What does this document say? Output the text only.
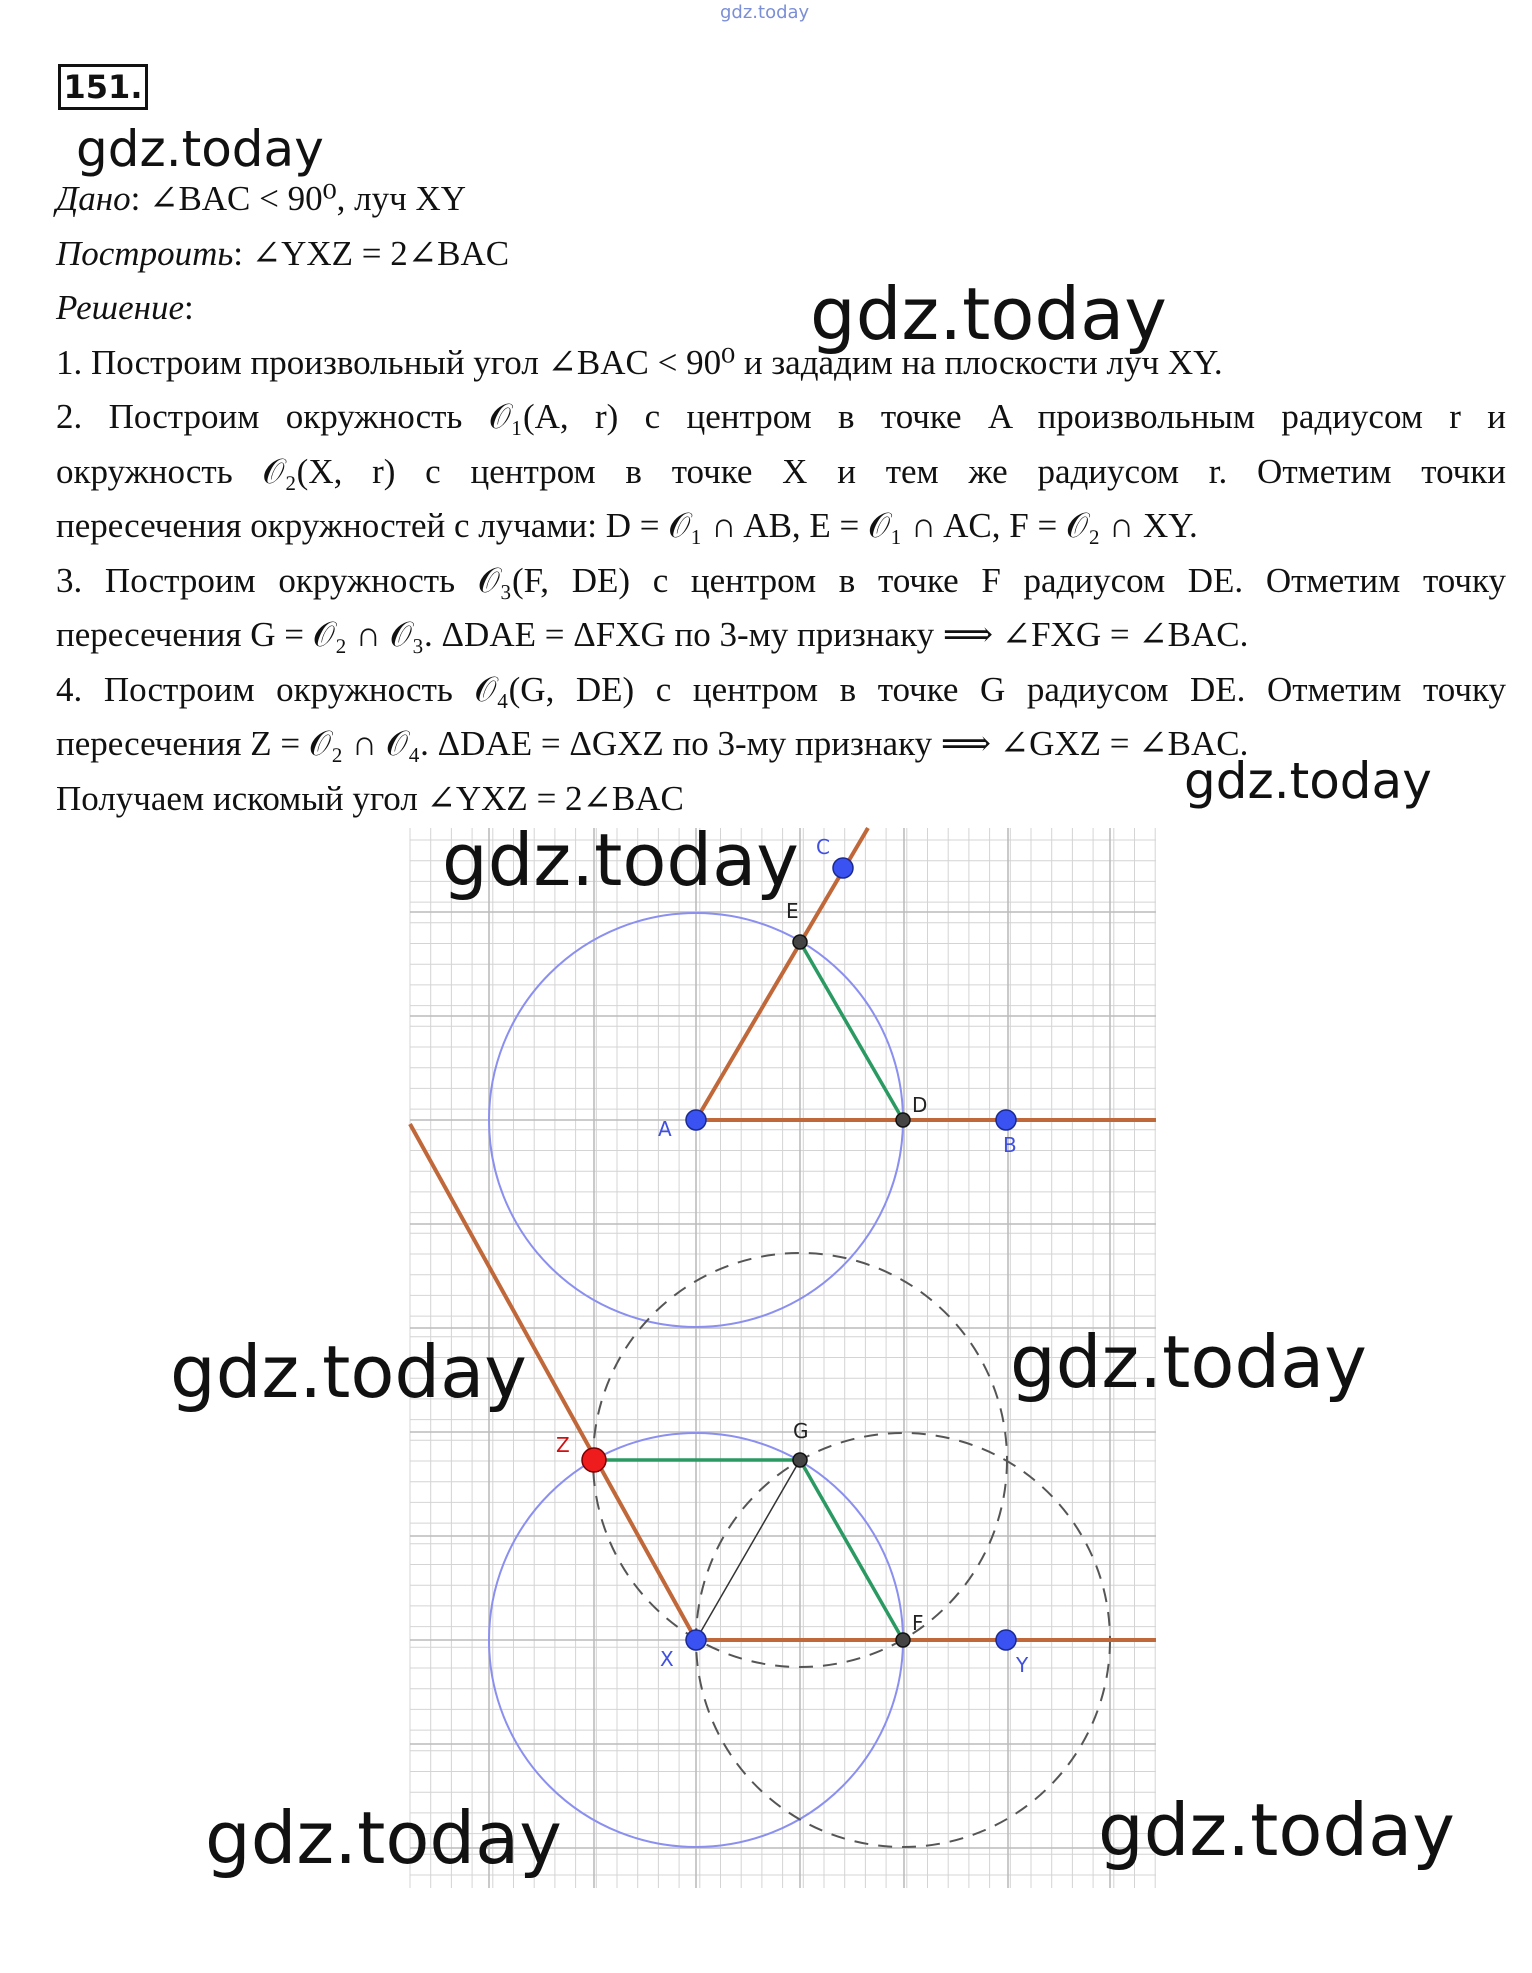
gdz.today
151.
gdz.today
gdz.today
Дано: ∠BAC < 90⁰, луч XY
Построить: ∠YXZ = 2∠BAC
Решение:
1. Построим произвольный угол ∠BAC < 90⁰ и зададим на плоскости луч XY.
2. Построим окружность 𝒪₁(A, r) с центром в точке A произвольным радиусом r и
окружность 𝒪₂(X, r) с центром в точке X и тем же радиусом r. Отметим точки
пересечения окружностей с лучами: D = 𝒪₁ ∩ AB, E = 𝒪₁ ∩ AC, F = 𝒪₂ ∩ XY.
3. Построим окружность 𝒪₃(F, DE) с центром в точке F радиусом DE. Отметим точку
пересечения G = 𝒪₂ ∩ 𝒪₃. ΔDAE = ΔFXG по 3-му признаку ⟹ ∠FXG = ∠BAC.
4. Построим окружность 𝒪₄(G, DE) с центром в точке G радиусом DE. Отметим точку
пересечения Z = 𝒪₂ ∩ 𝒪₄. ΔDAE = ΔGXZ по 3-му признаку ⟹ ∠GXZ = ∠BAC.
Получаем искомый угол ∠YXZ = 2∠BAC
A
B
C
D
E
F
G
X	Y
Z
gdz.today
gdz.today
gdz.today	gdz.today
gdz.today	gdz.today
